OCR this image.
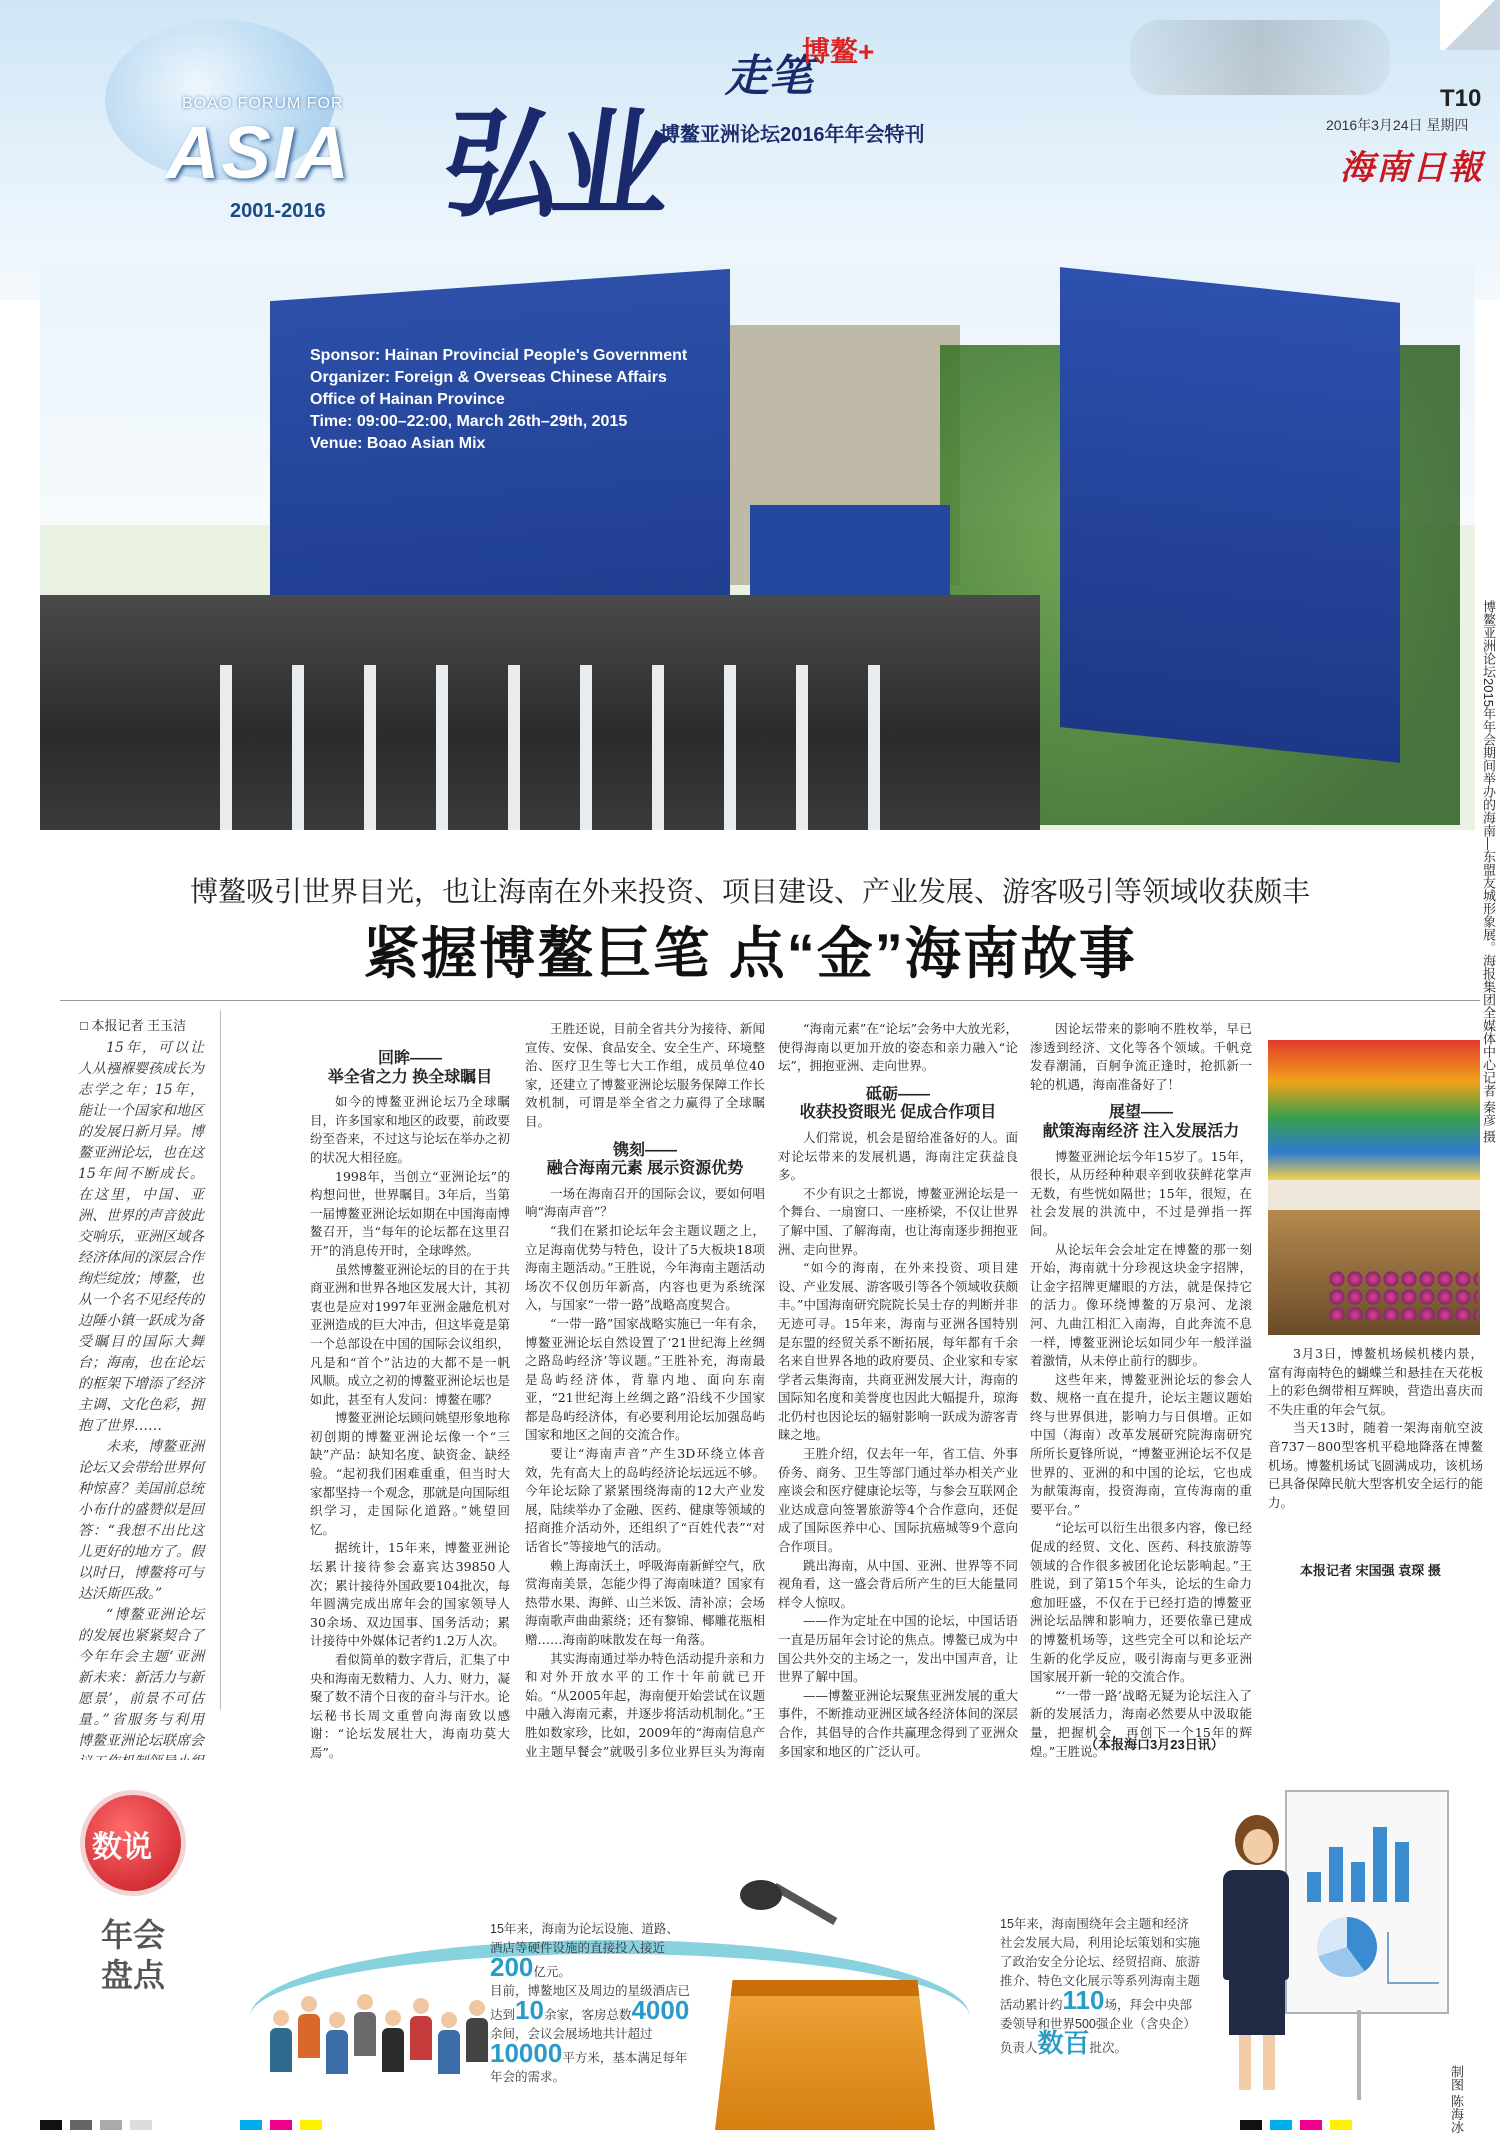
BOAO FORUM FOR
ASIA
2001-2016 弘业
走笔
博鳌+
博鳌亚洲论坛2016年年会特刊
T10
2016年3月24日 星期四
海南日報
Sponsor: Hainan Provincial People's Government
Organizer: Foreign & Overseas Chinese Affairs
Office of Hainan Province
Time: 09:00–22:00, March 26th–29th, 2015
Venue: Boao Asian Mix
博鳌亚洲论坛2015年年会期间举办的海南—东盟友城形象展。海报集团全媒体中心记者 秦彦 摄
博鳌吸引世界目光，也让海南在外来投资、项目建设、产业发展、游客吸引等领域收获颇丰
紧握博鳌巨笔 点“金”海南故事
□ 本报记者 王玉洁

15年，可以让人从襁褓婴孩成长为志学之年；15年，能让一个国家和地区的发展日新月异。博鳌亚洲论坛，也在这15年间不断成长。在这里，中国、亚洲、世界的声音彼此交响乐，亚洲区域各经济体间的深层合作绚烂绽放；博鳌，也从一个名不见经传的边陲小镇一跃成为备受瞩目的国际大舞台；海南，也在论坛的框架下增添了经济主调、文化色彩，拥抱了世界……

未来，博鳌亚洲论坛又会带给世界何种惊喜？美国前总统小布什的盛赞似是回答：“我想不出比这儿更好的地方了。假以时日，博鳌将可与达沃斯匹敌。”

“博鳌亚洲论坛的发展也紧紧契合了今年年会主题‘亚洲新未来：新活力与新愿景’，前景不可估量。”省服务与利用博鳌亚洲论坛联席会

回眸——
举全省之力 换全球瞩目

如今的博鳌亚洲论坛乃全球瞩目，许多国家和地区的政要，前政要纷至沓来，不过这与论坛在举办之初的状况大相径庭。

1998年，当创立“亚洲论坛”的构想问世，世界瞩目。3年后，当第一届博鳌亚洲论坛如期在中国海南博鳌召开，当“每年的论坛都在这里召开”的消息传开时，全球哗然。

虽然博鳌亚洲论坛的目的在于共商亚洲和世界各地区发展大计，其初衷也是应对1997年亚洲金融危机对亚洲造成的巨大冲击，但这毕竟是第一个总部设在中国的国际会议组织，凡是和“首个”沾边的大都不是一帆风顺。成立之初的博鳌亚洲论坛也是如此，甚至有人发问：博鳌在哪？

博鳌亚洲论坛顾问姚望形象地称初创期的博鳌亚洲论坛像一个“三缺”产品：缺知名度、缺资金、缺经验。“起初我们困难重重，但当时大家都坚持一个观念，那就是向国际组织学习，走国际化道路。”姚望回忆。

据统计，15年来，博鳌亚洲论坛累计接待参会嘉宾达39850人次；累计接待外国政要104批次，每年圆满完成出席年会的国家领导人30余场、双边国事、国务活动；累计接待中外媒体记者约1.2万人次。

看似简单的数字背后，汇集了中央和海南无数精力、人力、财力，凝聚了数不清个日夜的奋斗与汗水。论坛秘书长周文重曾向海南致以感谢：“论坛发展壮大，海南功莫大焉”。

王胜还说，目前全省共分为接待、新闻宣传、安保、食品安全、安全生产、环境整治、医疗卫生等七大工作组，成员单位40家，还建立了博鳌亚洲论坛服务保障工作长效机制，可谓是举全省之力赢得了全球瞩目。

镌刻——
融合海南元素 展示资源优势

一场在海南召开的国际会议，要如何唱响“海南声音”？

“我们在紧扣论坛年会主题议题之上，立足海南优势与特色，设计了5大板块18项海南主题活动。”王胜说，今年海南主题活动场次不仅创历年新高，内容也更为系统深入，与国家“一带一路”战略高度契合。

“一带一路”国家战略实施已一年有余，博鳌亚洲论坛自然设置了‘21世纪海上丝绸之路岛屿经济’等议题。”王胜补充，海南最是岛屿经济体，背靠内地、面向东南亚，“21世纪海上丝绸之路”沿线不少国家都是岛屿经济体，有必要利用论坛加强岛屿国家和地区之间的交流合作。

要让“海南声音”产生3D环绕立体音效，先有高大上的岛屿经济论坛远远不够。今年论坛除了紧紧围绕海南的12大产业发展，陆续举办了金融、医药、健康等领域的招商推介活动外，还组织了“百姓代表”“对话省长”等接地气的活动。

赖上海南沃土，呼吸海南新鲜空气，欣赏海南美景，怎能少得了海南味道？国家有热带水果、海鲜、山兰米饭、清补凉；会场海南歌声曲曲萦绕；还有黎锦、椰雕花瓶相赠……海南韵味散发在每一角落。

其实海南通过举办特色活动提升亲和力和对外开放水平的工作十年前就已开始。“从2005年起，海南便开始尝试在议题中融入海南元素，并逐步将活动机制化。”王胜如数家珍，比如，2009年的“海南信息产业主题早餐会”就吸引多位业界巨头为海南

“海南元素”在“论坛”会务中大放光彩，使得海南以更加开放的姿态和亲力融入“论坛”，拥抱亚洲、走向世界。

砥砺——
收获投资眼光 促成合作项目

人们常说，机会是留给准备好的人。面对论坛带来的发展机遇，海南注定获益良多。

不少有识之士都说，博鳌亚洲论坛是一个舞台、一扇窗口、一座桥梁，不仅让世界了解中国、了解海南，也让海南逐步拥抱亚洲、走向世界。

“如今的海南，在外来投资、项目建设、产业发展、游客吸引等各个领域收获颇丰。”中国海南研究院院长吴士存的判断并非无迹可寻。15年来，海南与亚洲各国特别是东盟的经贸关系不断拓展，每年都有千余名来自世界各地的政府要员、企业家和专家学者云集海南，共商亚洲发展大计，海南的国际知名度和美誉度也因此大幅提升，琼海北仍村也因论坛的辐射影响一跃成为游客青睐之地。

王胜介绍，仅去年一年，省工信、外事侨务、商务、卫生等部门通过举办相关产业座谈会和医疗健康论坛等，与参会互联网企业达成意向签署旅游等4个合作意向，还促成了国际医养中心、国际抗癌城等9个意向合作项目。

跳出海南，从中国、亚洲、世界等不同视角看，这一盛会背后所产生的巨大能量同样令人惊叹。

——作为定址在中国的论坛，中国话语一直是历届年会讨论的焦点。博鳌已成为中国公共外交的主场之一，发出中国声音，让世界了解中国。

——博鳌亚洲论坛聚焦亚洲发展的重大事件，不断推动亚洲区域各经济体间的深层合作，其倡导的合作共赢理念得到了亚洲众多国家和地区的广泛认可。

因论坛带来的影响不胜枚举，早已渗透到经济、文化等各个领域。千帆竞发春潮涌，百舸争流正逢时，抢抓新一轮的机遇，海南准备好了！

展望——
献策海南经济 注入发展活力

博鳌亚洲论坛今年15岁了。15年，很长，从历经种种艰辛到收获鲜花掌声无数，有些恍如隔世；15年，很短，在社会发展的洪流中，不过是弹指一挥间。

从论坛年会会址定在博鳌的那一刻开始，海南就十分珍视这块金字招牌，让金字招牌更耀眼的方法，就是保持它的活力。像环绕博鳌的万泉河、龙滚河、九曲江相汇入南海，自此奔流不息一样，博鳌亚洲论坛如同少年一般洋溢着激情，从未停止前行的脚步。

这些年来，博鳌亚洲论坛的参会人数、规格一直在提升，论坛主题议题始终与世界俱进，影响力与日俱增。正如中国（海南）改革发展研究院海南研究所所长夏锋所说，“博鳌亚洲论坛不仅是世界的、亚洲的和中国的论坛，它也成为献策海南，投资海南，宣传海南的重要平台。”

“论坛可以衍生出很多内容，像已经促成的经贸、文化、医药、科技旅游等领域的合作很多被团化论坛影响起。”王胜说，到了第15个年头，论坛的生命力愈加旺盛，不仅在于已经打造的博鳌亚洲论坛品牌和影响力，还要依靠已建成的博鳌机场等，这些完全可以和论坛产生新的化学反应，吸引海南与更多亚洲国家展开新一轮的交流合作。

“‘一带一路’战略无疑为论坛注入了新的发展活力，海南必然要从中汲取能量，把握机会，再创下一个15年的辉煌。”王胜说。

（本报海口3月23日讯）

3月3日，博鳌机场候机楼内景，富有海南特色的蝴蝶兰和悬挂在天花板上的彩色绸带相互辉映，营造出喜庆而不失庄重的年会气氛。

当天13时，随着一架海南航空波音737－800型客机平稳地降落在博鳌机场。博鳌机场试飞圆满成功，该机场已具备保障民航大型客机安全运行的能力。

本报记者 宋国强 袁琛 摄
数说
年会盘点
15年来，海南为论坛设施、道路、酒店等硬件设施的直接投入接近200亿元。
目前，博鳌地区及周边的星级酒店已达到10余家，客房总数4000余间，会议会展场地共计超过10000平方米，基本满足每年年会的需求。
15年来，海南围绕年会主题和经济社会发展大局，利用论坛策划和实施了政治安全分论坛、经贸招商、旅游推介、特色文化展示等系列海南主题活动累计约110场，拜会中央部委领导和世界500强企业（含央企）负责人数百批次。
制图 陈海冰
